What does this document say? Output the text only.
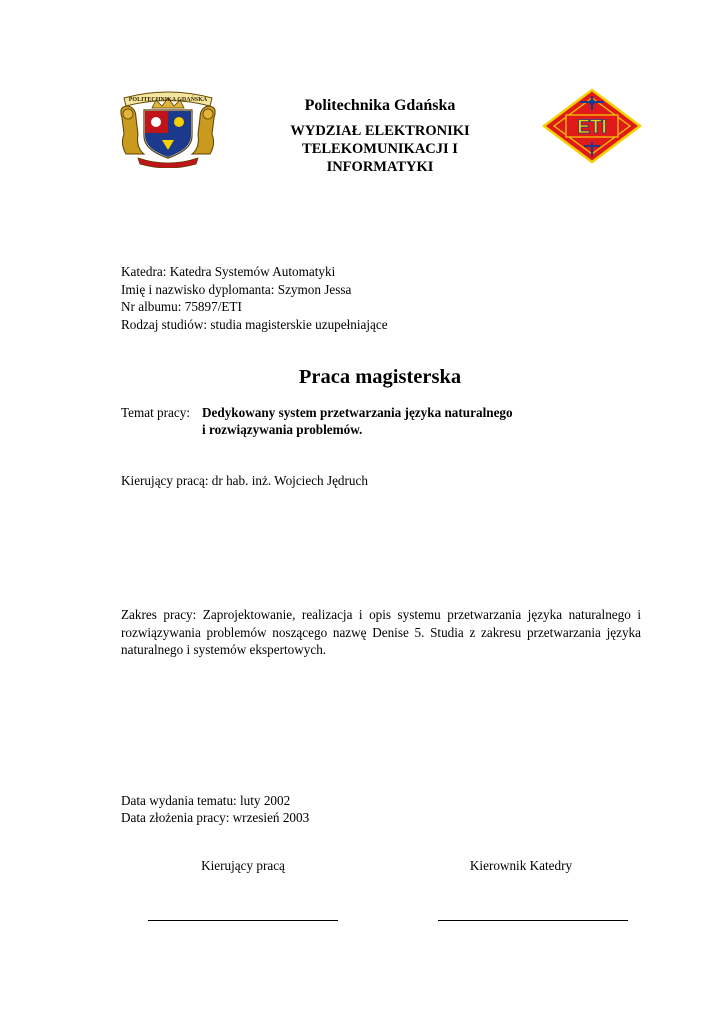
POLITECHNIKA GDAŃSKA	Politechnika Gdańska
WYDZIAŁ ELEKTRONIKI
TELEKOMUNIKACJI I
INFORMATYKI
ETI
Katedra: Katedra Systemów Automatyki
Imię i nazwisko dyplomanta: Szymon Jessa
Nr albumu: 75897/ETI
Rodzaj studiów: studia magisterskie uzupełniające
Praca magisterska
Temat pracy: Dedykowany system przetwarzania języka naturalnego
i rozwiązywania problemów.
Kierujący pracą: dr hab. inż. Wojciech Jędruch
Zakres pracy: Zaprojektowanie, realizacja i opis systemu przetwarzania języka naturalnego i rozwiązywania problemów noszącego nazwę Denise 5. Studia z zakresu przetwarzania języka naturalnego i systemów ekspertowych.
Data wydania tematu: luty 2002
Data złożenia pracy: wrzesień 2003
Kierujący pracą	Kierownik Katedry
